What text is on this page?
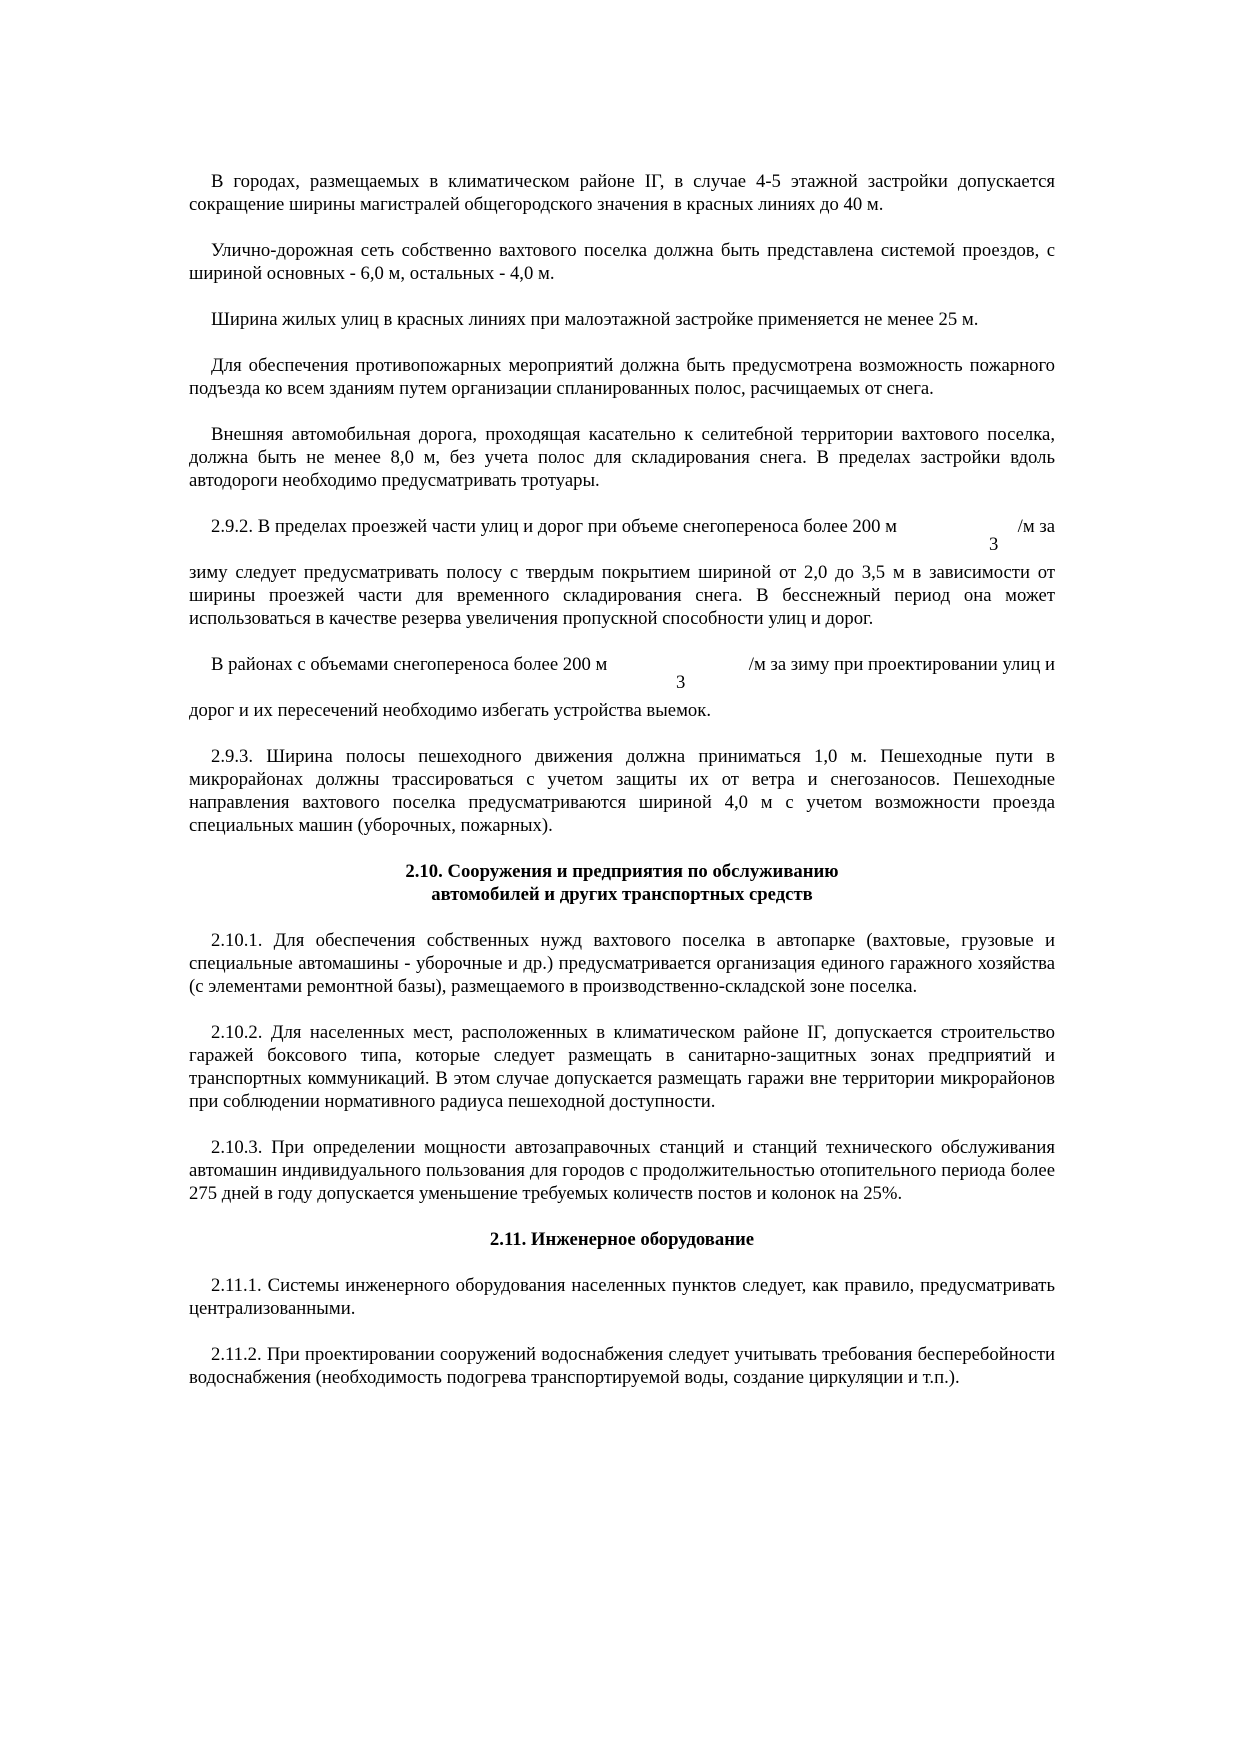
В городах, размещаемых в климатическом районе IГ, в случае 4-5 этажной застройки допускается сокращение ширины магистралей общегородского значения в красных линиях до 40 м.

Улично-дорожная сеть собственно вахтового поселка должна быть представлена системой проездов, с шириной основных - 6,0 м, остальных - 4,0 м.

Ширина жилых улиц в красных линиях при малоэтажной застройке применяется не менее 25 м.

Для обеспечения противопожарных мероприятий должна быть предусмотрена возможность пожарного подъезда ко всем зданиям путем организации спланированных полос, расчищаемых от снега.

Внешняя автомобильная дорога, проходящая касательно к селитебной территории вахтового поселка, должна быть не менее 8,0 м, без учета полос для складирования снега. В пределах застройки вдоль автодороги необходимо предусматривать тротуары.

2.9.2. В пределах проезжей части улиц и дорог при объеме снегопереноса более 200 м	/м за
3

зиму следует предусматривать полосу с твердым покрытием шириной от 2,0 до 3,5 м в зависимости от ширины проезжей части для временного складирования снега. В бесснежный период она может использоваться в качестве резерва увеличения пропускной способности улиц и дорог.

В районах с объемами снегопереноса более 200 м	/м за зиму при проектировании улиц и
3

дорог и их пересечений необходимо избегать устройства выемок.

2.9.3. Ширина полосы пешеходного движения должна приниматься 1,0 м. Пешеходные пути в микрорайонах должны трассироваться с учетом защиты их от ветра и снегозаносов. Пешеходные направления вахтового поселка предусматриваются шириной 4,0 м с учетом возможности проезда специальных машин (уборочных, пожарных).

2.10. Сооружения и предприятия по обслуживанию
автомобилей и других транспортных средств

2.10.1. Для обеспечения собственных нужд вахтового поселка в автопарке (вахтовые, грузовые и специальные автомашины - уборочные и др.) предусматривается организация единого гаражного хозяйства (с элементами ремонтной базы), размещаемого в производственно-складской зоне поселка.

2.10.2. Для населенных мест, расположенных в климатическом районе IГ, допускается строительство гаражей боксового типа, которые следует размещать в санитарно-защитных зонах предприятий и транспортных коммуникаций. В этом случае допускается размещать гаражи вне территории микрорайонов при соблюдении нормативного радиуса пешеходной доступности.

2.10.3. При определении мощности автозаправочных станций и станций технического обслуживания автомашин индивидуального пользования для городов с продолжительностью отопительного периода более 275 дней в году допускается уменьшение требуемых количеств постов и колонок на 25%.

2.11. Инженерное оборудование

2.11.1. Системы инженерного оборудования населенных пунктов следует, как правило, предусматривать централизованными.

2.11.2. При проектировании сооружений водоснабжения следует учитывать требования бесперебойности водоснабжения (необходимость подогрева транспортируемой воды, создание циркуляции и т.п.).
